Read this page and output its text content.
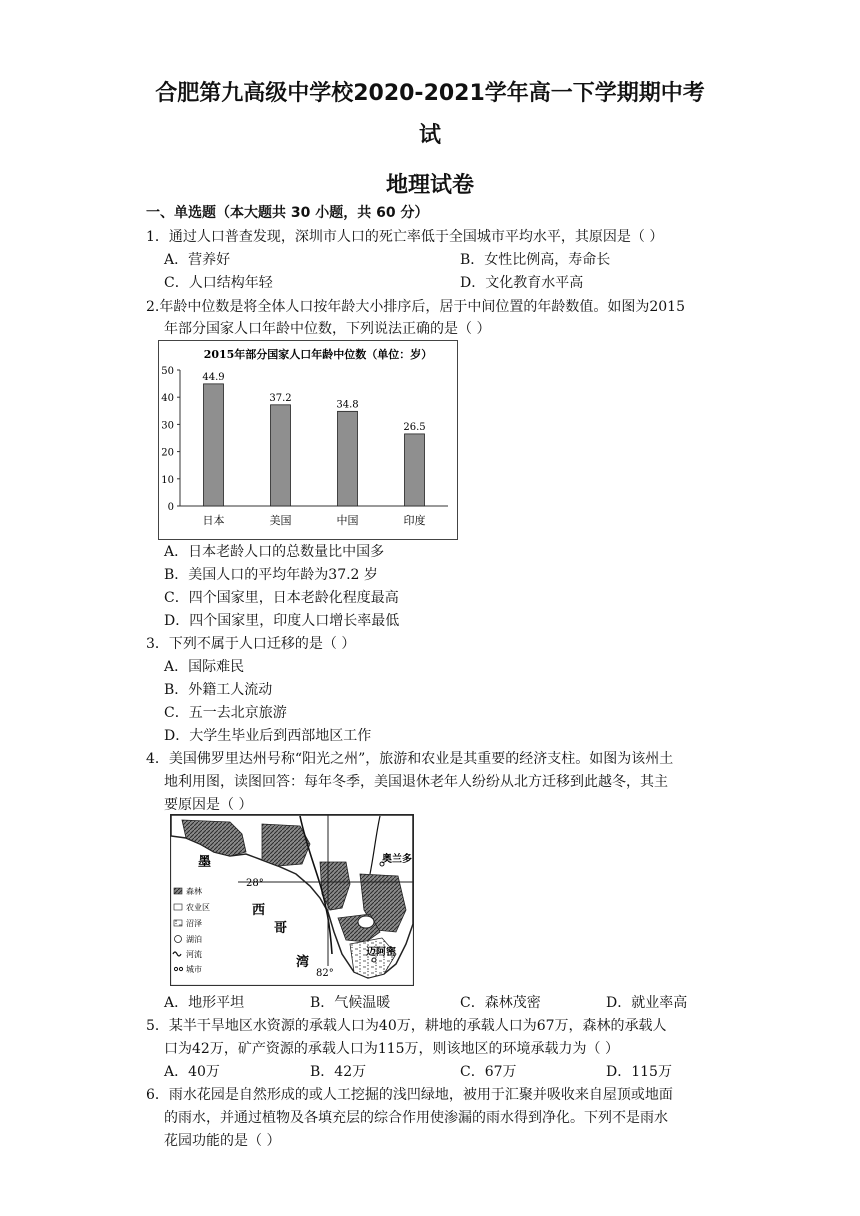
合肥第九高级中学校2020-2021学年高一下学期期中考
试
地理试卷
一、单选题（本大题共 30 小题，共 60 分）
1．通过人口普查发现，深圳市人口的死亡率低于全国城市平均水平，其原因是（ ）
A．营养好	B．女性比例高，寿命长
C．人口结构年轻	D．文化教育水平高
2.年龄中位数是将全体人口按年龄大小排序后，居于中间位置的年龄数值。如图为2015
年部分国家人口年龄中位数，下列说法正确的是（ ）
2015年部分国家人口年龄中位数（单位：岁）
0
10
20
30
40
50
44.9
日本
37.2
美国
34.8
中国
26.5
印度
A．日本老龄人口的总数量比中国多
B．美国人口的平均年龄为37.2 岁
C．四个国家里，日本老龄化程度最高
D．四个国家里，印度人口增长率最低
3．下列不属于人口迁移的是（ ）
A．国际难民
B．外籍工人流动
C．五一去北京旅游
D．大学生毕业后到西部地区工作
4．美国佛罗里达州号称“阳光之州”，旅游和农业是其重要的经济支柱。如图为该州土
地利用图，读图回答：每年冬季，美国退休老年人纷纷从北方迁移到此越冬，其主
要原因是（ ）
28°
82°
墨
西
哥
湾
奥兰多
迈阿密
森林
农业区
沼泽
湖泊
河流
城市
A．地形平坦	B．气候温暖	C．森林茂密	D．就业率高
5．某半干旱地区水资源的承载人口为40万，耕地的承载人口为67万，森林的承载人
口为42万，矿产资源的承载人口为115万，则该地区的环境承载力为（ ）
A．40万	B．42万	C．67万	D．115万
6．雨水花园是自然形成的或人工挖掘的浅凹绿地，被用于汇聚并吸收来自屋顶或地面
的雨水，并通过植物及各填充层的综合作用使渗漏的雨水得到净化。下列不是雨水
花园功能的是（ ）
